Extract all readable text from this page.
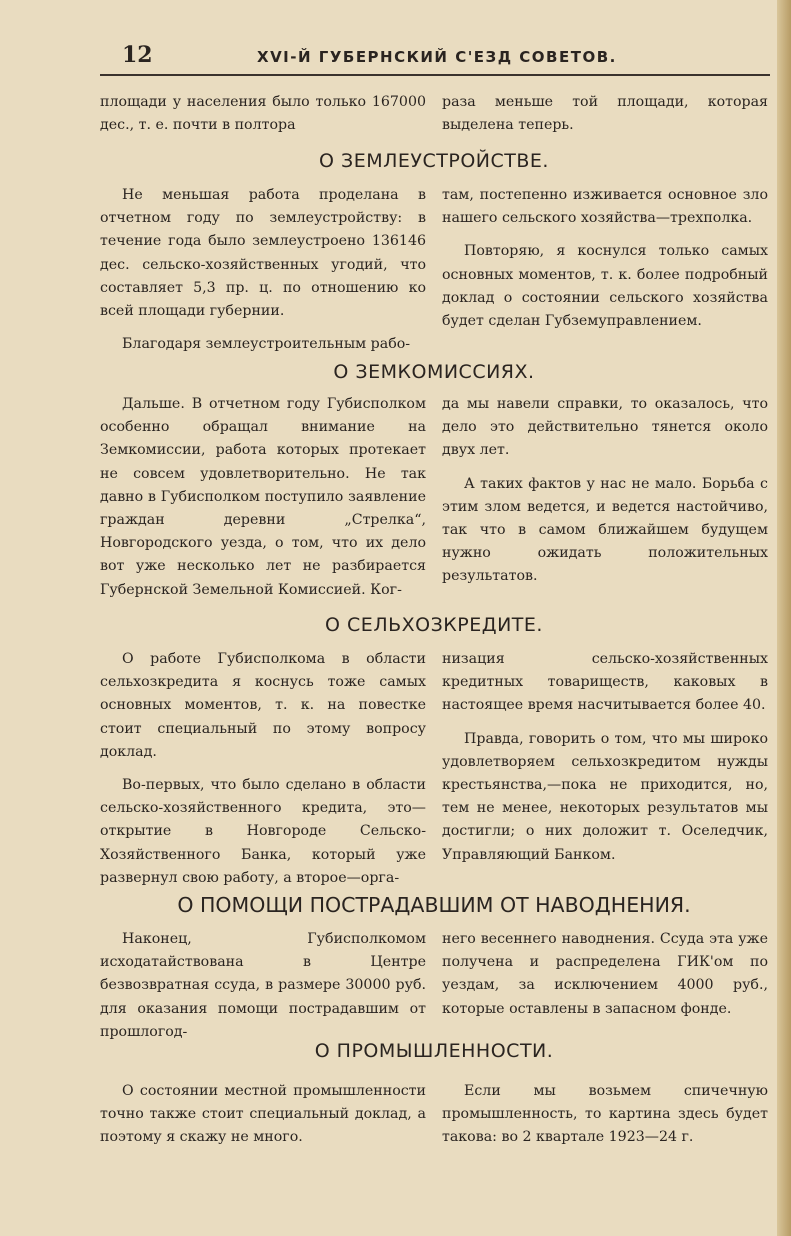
12	XVI-Й ГУБЕРНСКИЙ С'ЕЗД СОВЕТОВ.

площади у населения было только 167000 дес., т. е. почти в полтора

раза меньше той площади, которая выделена теперь.

О ЗЕМЛЕУСТРОЙСТВЕ.

Не меньшая работа проделана в отчетном году по землеустройству: в течение года было землеустроено 136146 дес. сельско-хозяйственных угодий, что составляет 5,3 пр. ц. по отношению ко всей площади губернии.

Благодаря землеустроительным рабо-

там, постепенно изживается основное зло нашего сельского хозяйства—трехполка.

Повторяю, я коснулся только самых основных моментов, т. к. более подробный доклад о состоянии сельского хозяйства будет сделан Губземуправлением.

О ЗЕМКОМИССИЯХ.

Дальше. В отчетном году Губисполком особенно обращал внимание на Земкомиссии, работа которых протекает не совсем удовлетворительно. Не так давно в Губисполком поступило заявление граждан деревни „Стрелка“, Новгородского уезда, о том, что их дело вот уже несколько лет не разбирается Губернской Земельной Комиссией. Ког-

да мы навели справки, то оказалось, что дело это действительно тянется около двух лет.

А таких фактов у нас не мало. Борьба с этим злом ведется, и ведется настойчиво, так что в самом ближайшем будущем нужно ожидать положительных результатов.

О СЕЛЬХОЗКРЕДИТЕ.

О работе Губисполкома в области сельхозкредита я коснусь тоже самых основных моментов, т. к. на повестке стоит специальный по этому вопросу доклад.

Во-первых, что было сделано в области сельско-хозяйственного кредита, это—открытие в Новгороде Сельско-Хозяйственного Банка, который уже развернул свою работу, а второе—орга-

низация сельско-хозяйственных кредитных товариществ, каковых в настоящее время насчитывается более 40.

Правда, говорить о том, что мы широко удовлетворяем сельхозкредитом нужды крестьянства,—пока не приходится, но, тем не менее, некоторых результатов мы достигли; о них доложит т. Оселедчик, Управляющий Банком.

О ПОМОЩИ ПОСТРАДАВШИМ ОТ НАВОДНЕНИЯ.

Наконец, Губисполкомом исходатайствована в Центре безвозвратная ссуда, в размере 30000 руб. для оказания помощи пострадавшим от прошлогод-

него весеннего наводнения. Ссуда эта уже получена и распределена ГИК'ом по уездам, за исключением 4000 руб., которые оставлены в запасном фонде.

О ПРОМЫШЛЕННОСТИ.

О состоянии местной промышленности точно также стоит специальный доклад, а поэтому я скажу не много.

Если мы возьмем спичечную промышленность, то картина здесь будет такова: во 2 квартале 1923—24 г.
